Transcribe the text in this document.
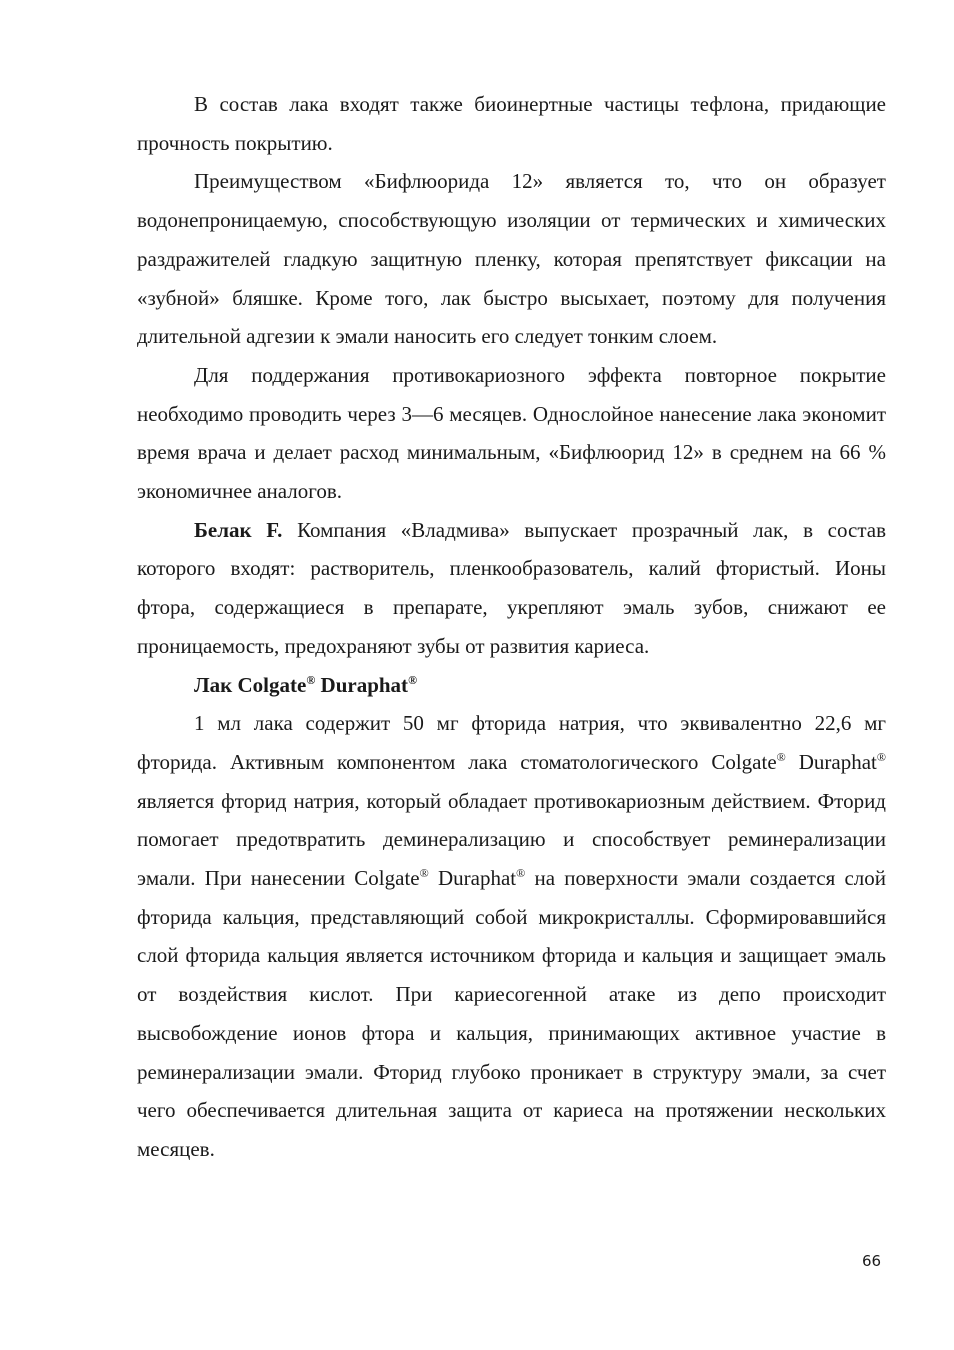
В состав лака входят также биоинертные частицы тефлона, придающие прочность покрытию.

Преимуществом «Бифлюорида 12» является то, что он образует водонепроницаемую, способствующую изоляции от термических и химических раздражителей гладкую защитную пленку, которая препятствует фиксации на «зубной» бляшке. Кроме того, лак быстро высыхает, поэтому для получения длительной адгезии к эмали наносить его следует тонким слоем.

Для поддержания противокариозного эффекта повторное покрытие необходимо проводить через 3—6 месяцев. Однослойное нанесение лака экономит время врача и делает расход минимальным, «Бифлюорид 12» в среднем на 66 % экономичнее аналогов.

Белак F. Компания «Владмива» выпускает прозрачный лак, в состав которого входят: растворитель, пленкообразователь, калий фтористый. Ионы фтора, содержащиеся в препарате, укрепляют эмаль зубов, снижают ее проницаемость, предохраняют зубы от развития кариеса.

Лак Colgate® Duraphat®

1 мл лака содержит 50 мг фторида натрия, что эквивалентно 22,6 мг фторида. Активным компонентом лака стоматологического Colgate® Duraphat® является фторид натрия, который обладает противокариозным действием. Фторид помогает предотвратить деминерализацию и способствует реминерализации эмали. При нанесении Colgate® Duraphat® на поверхности эмали создается слой фторида кальция, представляющий собой микрокристаллы. Сформировавшийся слой фторида кальция является источником фторида и кальция и защищает эмаль от воздействия кислот. При кариесогенной атаке из депо происходит высвобождение ионов фтора и кальция, принимающих активное участие в реминерализации эмали. Фторид глубоко проникает в структуру эмали, за счет чего обеспечивается длительная защита от кариеса на протяжении нескольких месяцев.

66
